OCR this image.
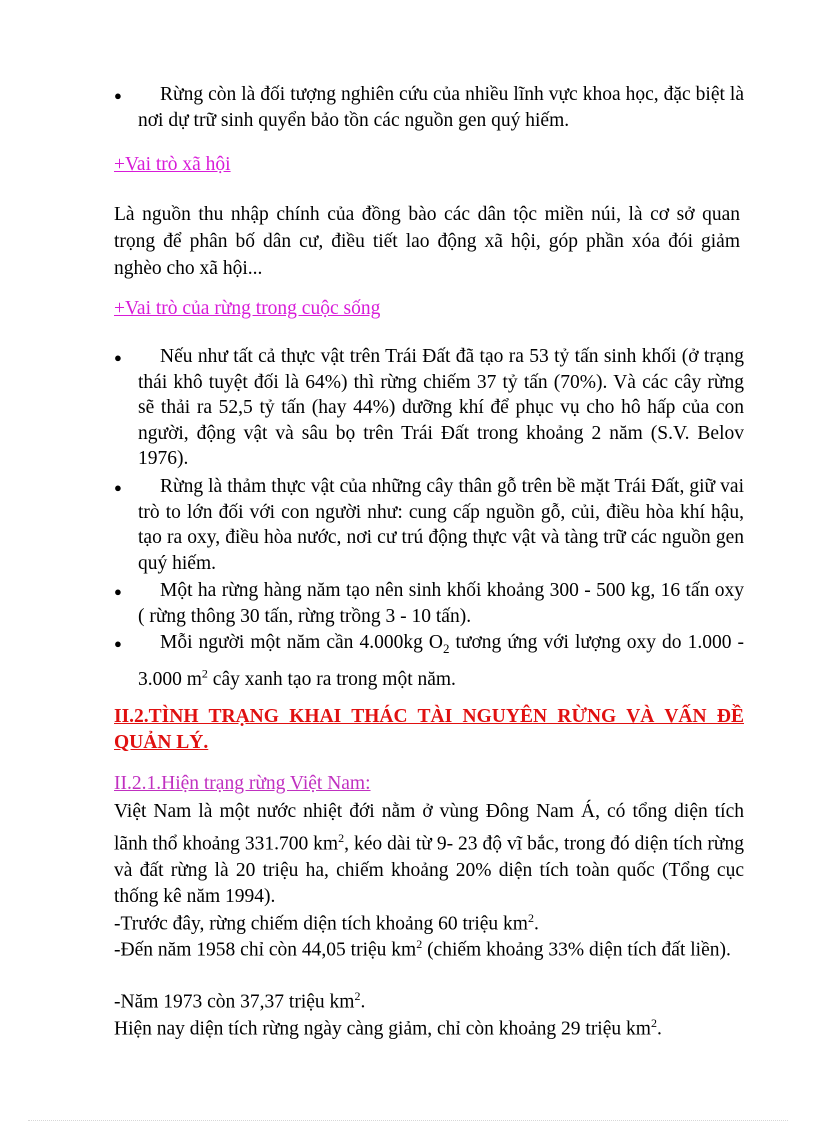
●	Rừng còn là đối tượng nghiên cứu của nhiều lĩnh vực khoa học, đặc biệt là nơi dự trữ sinh quyển bảo tồn các nguồn gen quý hiếm.
+Vai trò xã hội
Là nguồn thu nhập chính của đồng bào các dân tộc miền núi, là cơ sở quan trọng để phân bố dân cư, điều tiết lao động xã hội, góp phần xóa đói giảm nghèo cho xã hội...
+Vai trò của rừng trong cuộc sống
●	Nếu như tất cả thực vật trên Trái Đất đã tạo ra 53 tỷ tấn sinh khối (ở trạng thái khô tuyệt đối là 64%) thì rừng chiếm 37 tỷ tấn (70%). Và các cây rừng sẽ thải ra 52,5 tỷ tấn (hay 44%) dưỡng khí để phục vụ cho hô hấp của con người, động vật và sâu bọ trên Trái Đất trong khoảng 2 năm (S.V. Belov 1976).
●	Rừng là thảm thực vật của những cây thân gỗ trên bề mặt Trái Đất, giữ vai trò to lớn đối với con người như: cung cấp nguồn gỗ, củi, điều hòa khí hậu, tạo ra oxy, điều hòa nước, nơi cư trú động thực vật và tàng trữ các nguồn gen quý hiếm.
●	Một ha rừng hàng năm tạo nên sinh khối khoảng 300 - 500 kg, 16 tấn oxy ( rừng thông 30 tấn, rừng trồng 3 - 10 tấn).
●	Mỗi người một năm cần 4.000kg $O_2$ tương ứng với lượng oxy do 1.000 - 3.000 $m^2$ cây xanh tạo ra trong một năm.
II.2.TÌNH TRẠNG KHAI THÁC TÀI NGUYÊN RỪNG VÀ VẤN ĐỀ QUẢN LÝ.
II.2.1.Hiện trạng rừng Việt Nam:
Việt Nam là một nước nhiệt đới nằm ở vùng Đông Nam Á, có tổng diện tích lãnh thổ khoảng 331.700 $km^2$, kéo dài từ 9- 23 độ vĩ bắc, trong đó diện tích rừng và đất rừng là 20 triệu ha, chiếm khoảng 20% diện tích toàn quốc (Tổng cục thống kê năm 1994).
-Trước đây, rừng chiếm diện tích khoảng 60 triệu $km^2$.
-Đến năm 1958 chỉ còn 44,05 triệu $km^2$ (chiếm khoảng 33% diện tích đất liền).
-Năm 1973 còn 37,37 triệu $km^2$.
Hiện nay diện tích rừng ngày càng giảm, chỉ còn khoảng 29 triệu $km^2$.
